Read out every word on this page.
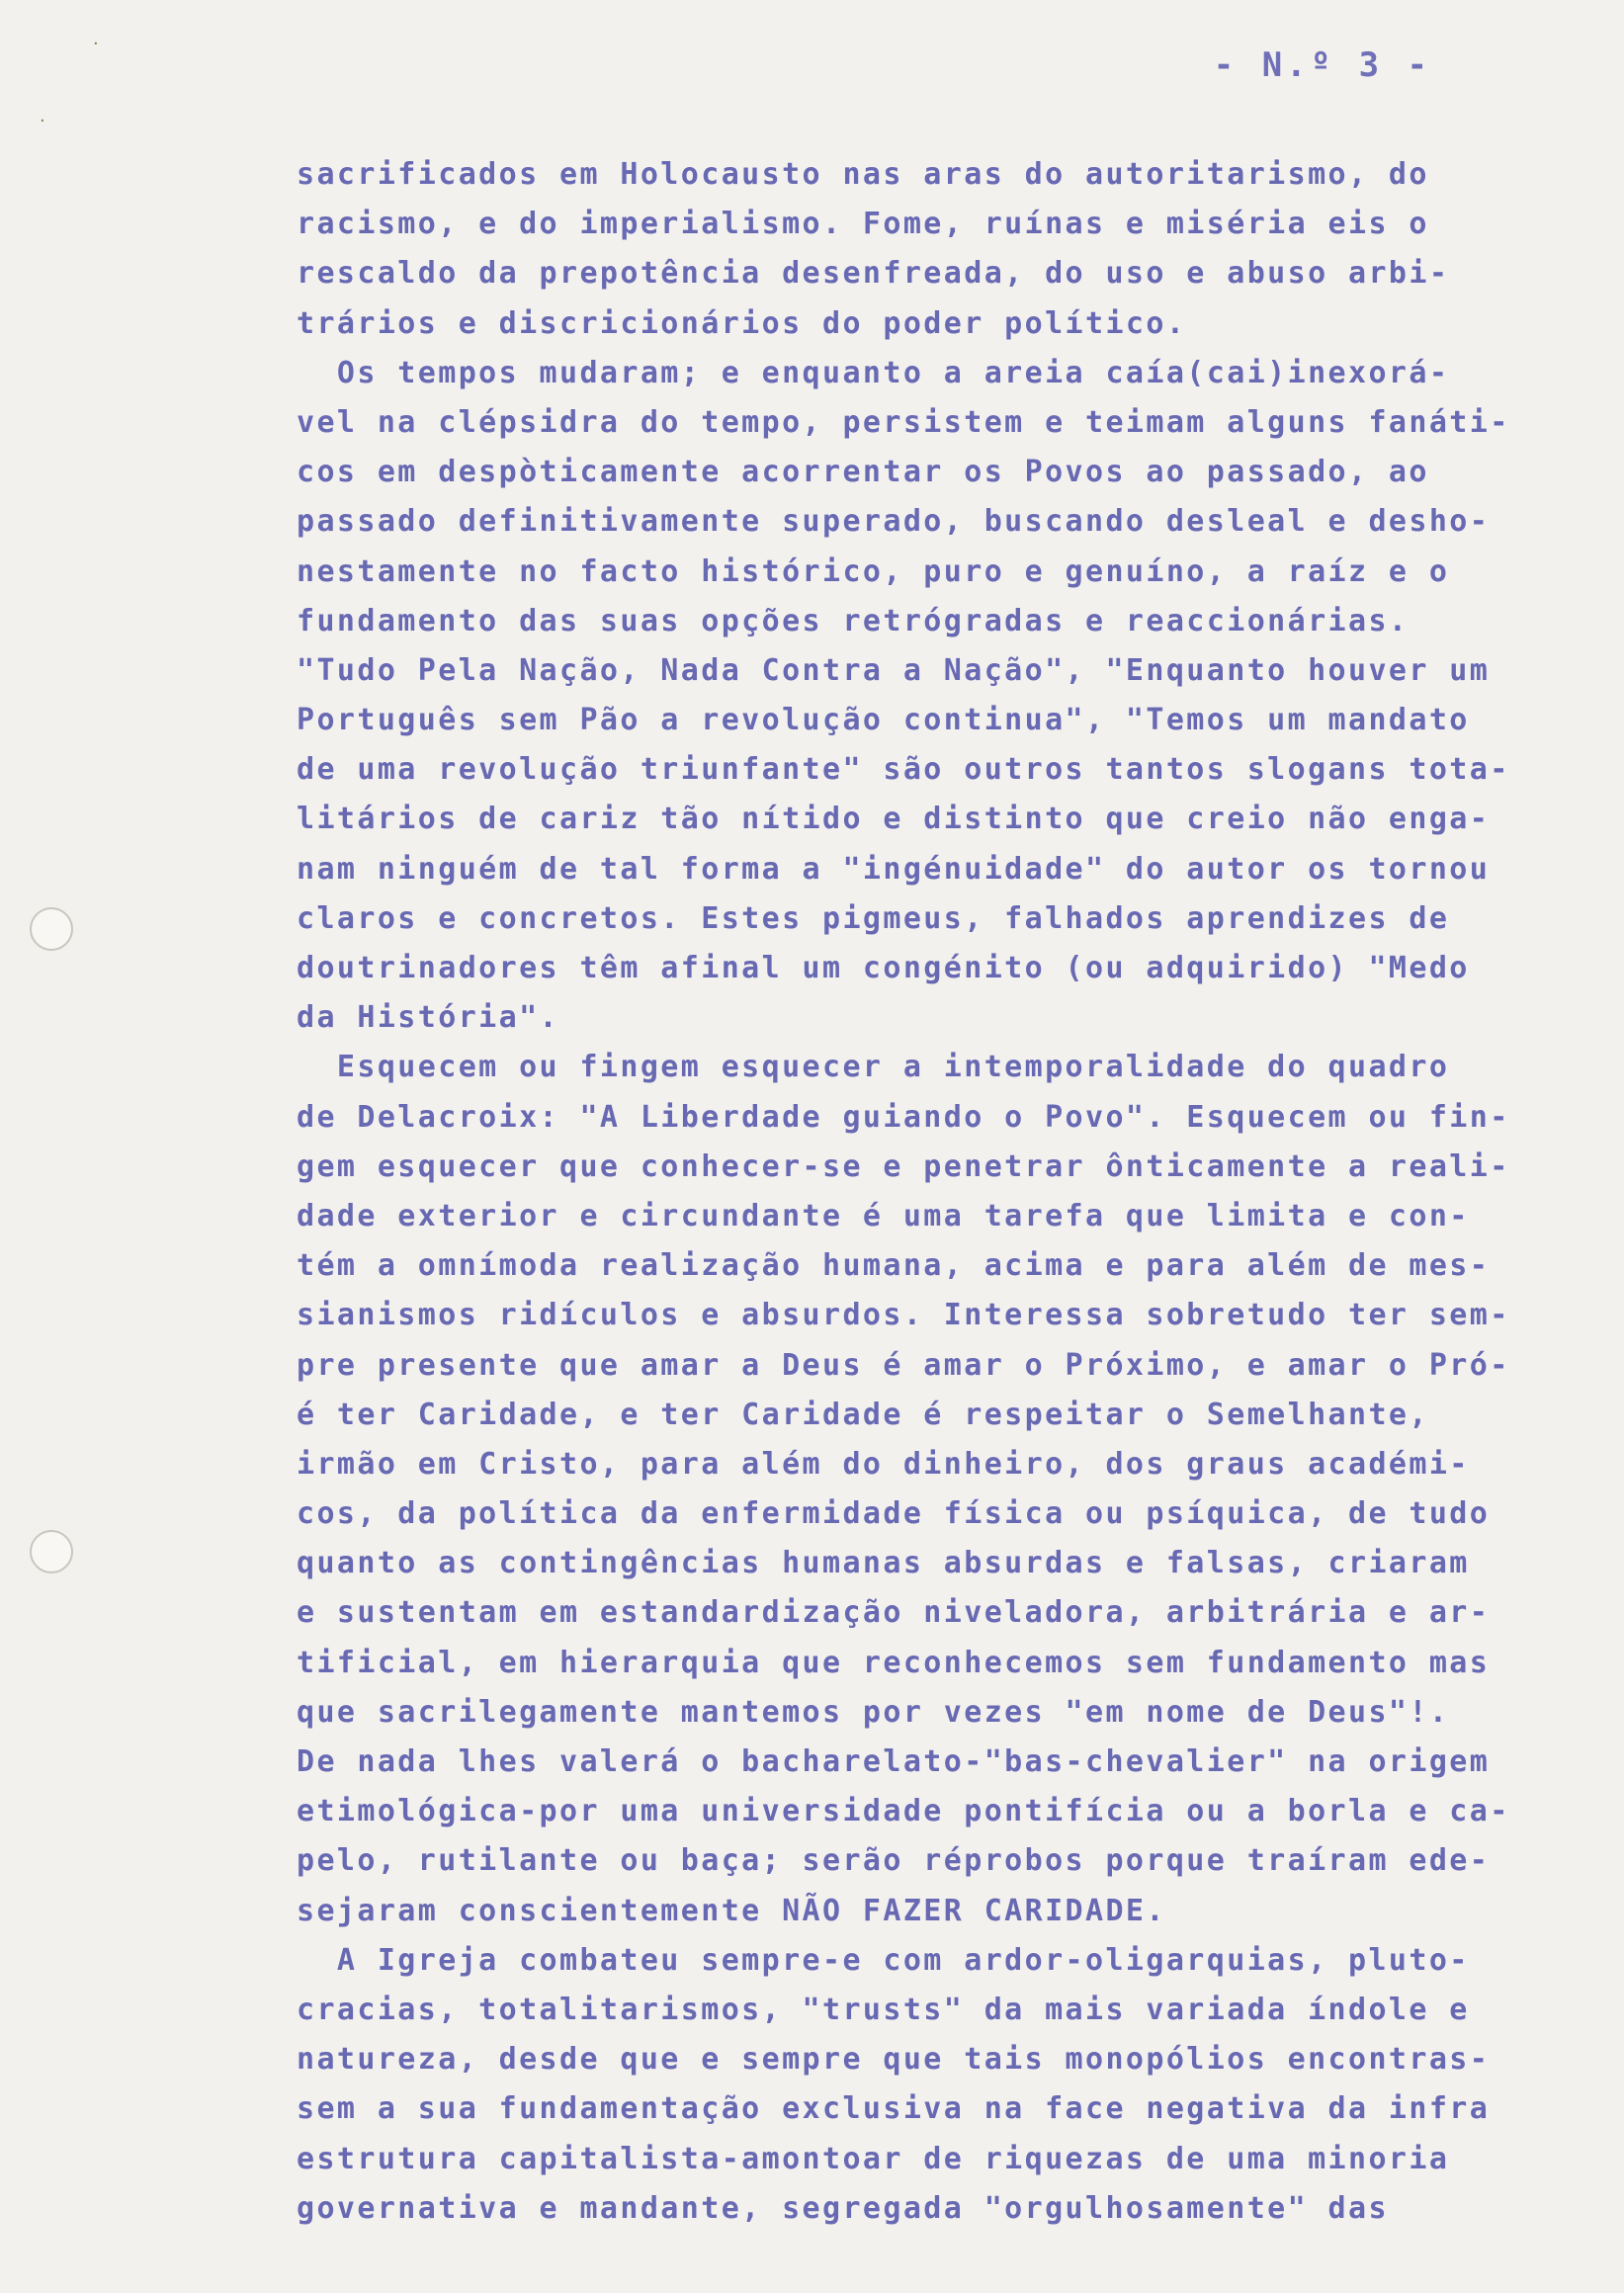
·
·
- N.º 3 -
sacrificados em Holocausto nas aras do autoritarismo, do
racismo, e do imperialismo. Fome, ruínas e miséria eis o
rescaldo da prepotência desenfreada, do uso e abuso arbi-
trários e discricionários do poder político.
Os tempos mudaram; e enquanto a areia caía(cai)inexorá-
vel na clépsidra do tempo, persistem e teimam alguns fanáti-
cos em despòticamente acorrentar os Povos ao passado, ao
passado definitivamente superado, buscando desleal e desho-
nestamente no facto histórico, puro e genuíno, a raíz e o
fundamento das suas opções retrógradas e reaccionárias.
"Tudo Pela Nação, Nada Contra a Nação", "Enquanto houver um
Português sem Pão a revolução continua", "Temos um mandato
de uma revolução triunfante" são outros tantos slogans tota-
litários de cariz tão nítido e distinto que creio não enga-
nam ninguém de tal forma a "ingénuidade" do autor os tornou
claros e concretos. Estes pigmeus, falhados aprendizes de
doutrinadores têm afinal um congénito (ou adquirido) "Medo
da História".
Esquecem ou fingem esquecer a intemporalidade do quadro
de Delacroix: "A Liberdade guiando o Povo". Esquecem ou fin-
gem esquecer que conhecer-se e penetrar ônticamente a reali-
dade exterior e circundante é uma tarefa que limita e con-
tém a omnímoda realização humana, acima e para além de mes-
sianismos ridículos e absurdos. Interessa sobretudo ter sem-
pre presente que amar a Deus é amar o Próximo, e amar o Pró-
é ter Caridade, e ter Caridade é respeitar o Semelhante,
irmão em Cristo, para além do dinheiro, dos graus académi-
cos, da política da enfermidade física ou psíquica, de tudo
quanto as contingências humanas absurdas e falsas, criaram
e sustentam em estandardização niveladora, arbitrária e ar-
tificial, em hierarquia que reconhecemos sem fundamento mas
que sacrilegamente mantemos por vezes "em nome de Deus"!.
De nada lhes valerá o bacharelato-"bas-chevalier" na origem
etimológica-por uma universidade pontifícia ou a borla e ca-
pelo, rutilante ou baça; serão réprobos porque traíram ede-
sejaram conscientemente NÃO FAZER CARIDADE.
A Igreja combateu sempre-e com ardor-oligarquias, pluto-
cracias, totalitarismos, "trusts" da mais variada índole e
natureza, desde que e sempre que tais monopólios encontras-
sem a sua fundamentação exclusiva na face negativa da infra
estrutura capitalista-amontoar de riquezas de uma minoria
governativa e mandante, segregada "orgulhosamente" das
